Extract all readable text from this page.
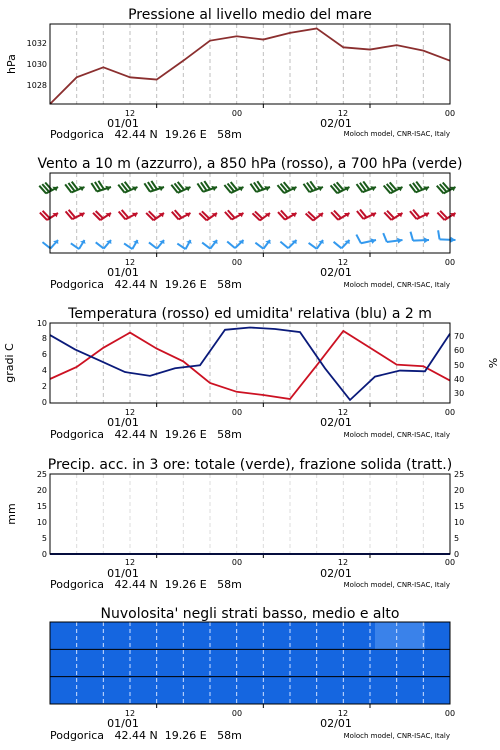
Pressione al livello medio del mare
hPa
1028
1030
1032
12	00	12	00
01/01	02/01
Podgorica   42.44 N  19.26 E   58m	Moloch model, CNR-ISAC, Italy
Vento a 10 m (azzurro), a 850 hPa (rosso), a 700 hPa (verde)
12	00	12	00
01/01	02/01
Podgorica   42.44 N  19.26 E   58m	Moloch model, CNR-ISAC, Italy
Temperatura (rosso) ed umidita' relativa (blu) a 2 m
gradi C	%
0
2
4
6
8
10
30
40
50
60
70
12	00	12	00
01/01	02/01
Podgorica   42.44 N  19.26 E   58m	Moloch model, CNR-ISAC, Italy
Precip. acc. in 3 ore: totale (verde), frazione solida (tratt.)
mm
0
5
10
15
20
25
0
5
10
15
20
25
12	00	12	00
01/01	02/01
Podgorica   42.44 N  19.26 E   58m	Moloch model, CNR-ISAC, Italy
Nuvolosita' negli strati basso, medio e alto
12	00	12	00
01/01	02/01
Podgorica   42.44 N  19.26 E   58m	Moloch model, CNR-ISAC, Italy
